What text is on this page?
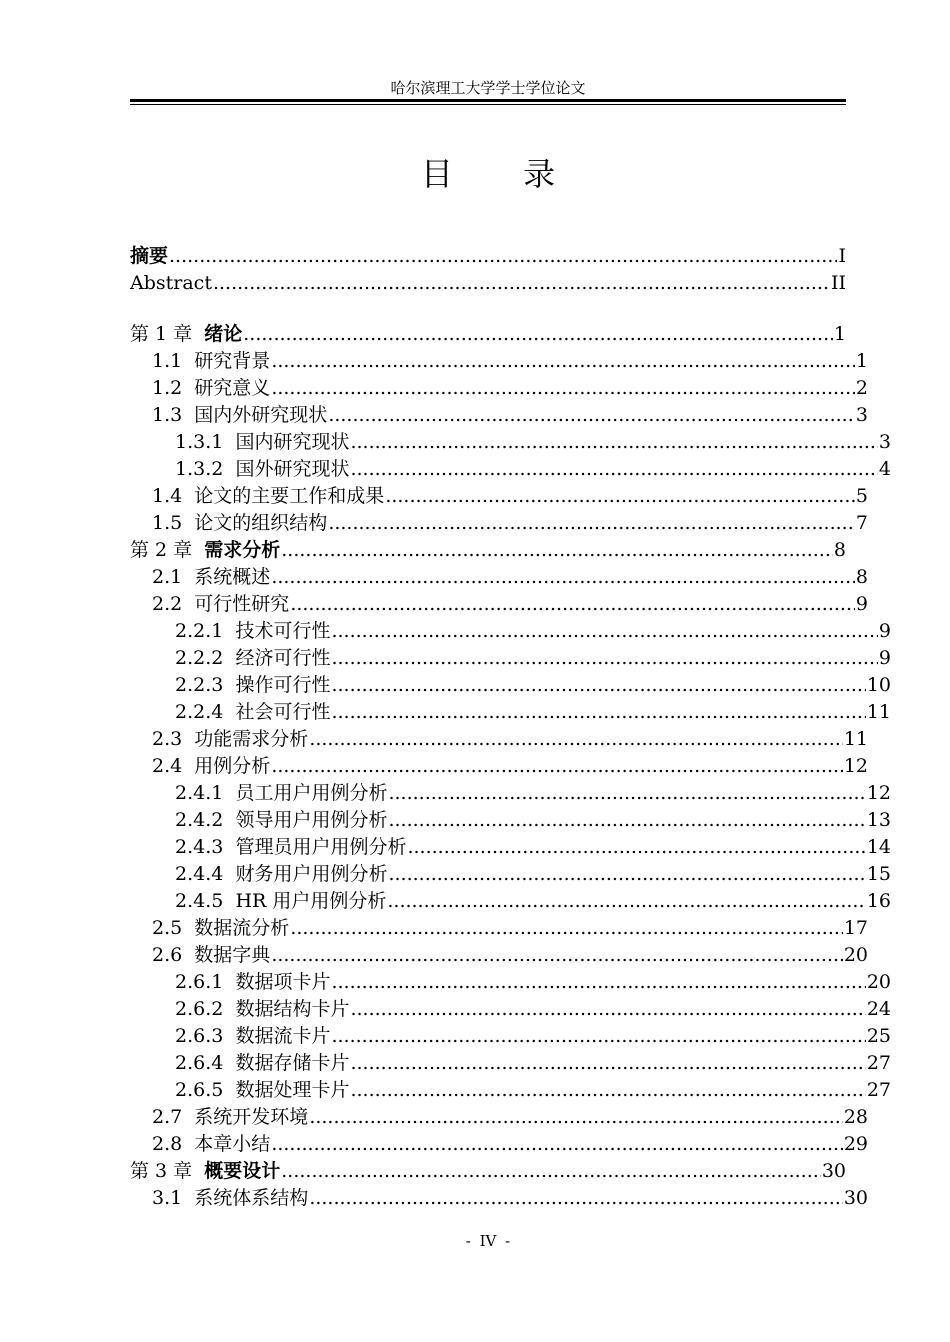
哈尔滨理工大学学士学位论文
目 录
摘要 .....	I
Abstract .....	II
第 1 章 绪论 .....	1
1.1 研究背景 .....	1
1.2 研究意义 .....	2
1.3 国内外研究现状 .....	3
1.3.1 国内研究现状 .....	3
1.3.2 国外研究现状 .....	4
1.4 论文的主要工作和成果 .....	5
1.5 论文的组织结构 .....	7
第 2 章 需求分析 .....	8
2.1 系统概述 .....	8
2.2 可行性研究 .....	9
2.2.1 技术可行性 .....	9
2.2.2 经济可行性 .....	9
2.2.3 操作可行性 .....	10
2.2.4 社会可行性 .....	11
2.3 功能需求分析 .....	11
2.4 用例分析 .....	12
2.4.1 员工用户用例分析 .....	12
2.4.2 领导用户用例分析 .....	13
2.4.3 管理员用户用例分析 .....	14
2.4.4 财务用户用例分析 .....	15
2.4.5 HR 用户用例分析 .....	16
2.5 数据流分析 .....	17
2.6 数据字典 .....	20
2.6.1 数据项卡片 .....	20
2.6.2 数据结构卡片 .....	24
2.6.3 数据流卡片 .....	25
2.6.4 数据存储卡片 .....	27
2.6.5 数据处理卡片 .....	27
2.7 系统开发环境 .....	28
2.8 本章小结 .....	29
第 3 章 概要设计 .....	30
3.1 系统体系结构 .....	30
- IV -
